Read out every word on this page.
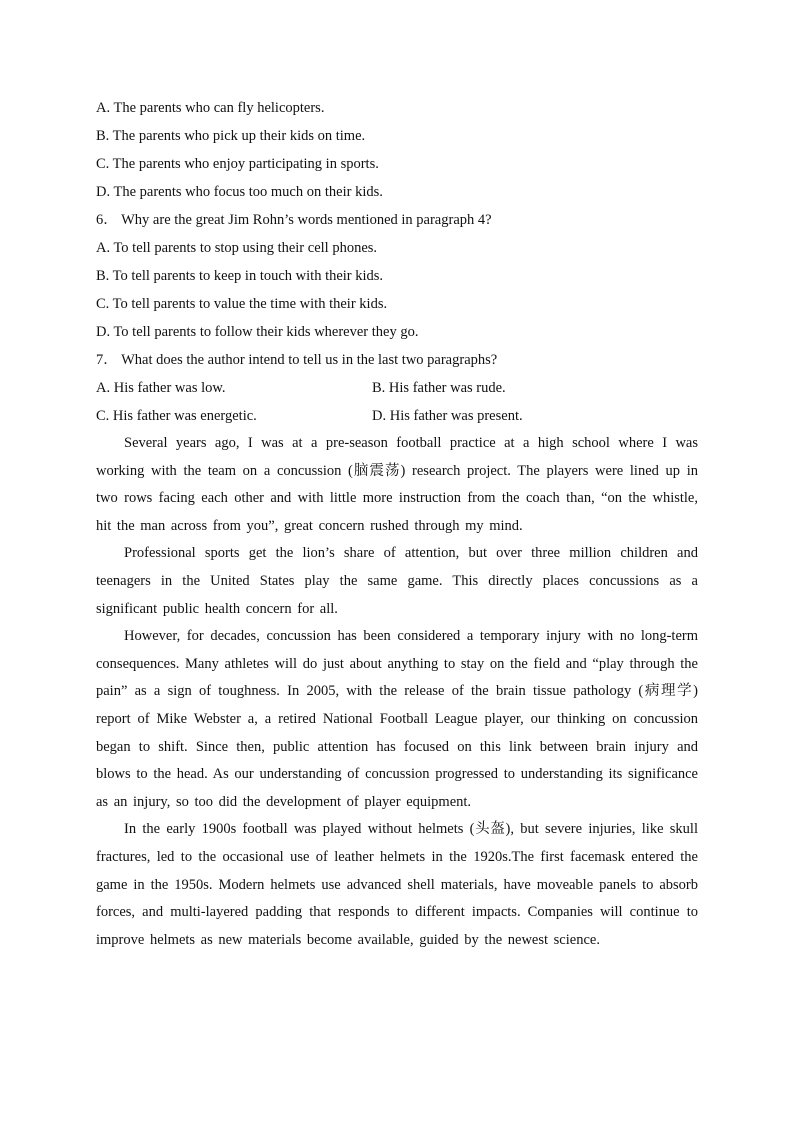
A. The parents who can fly helicopters.

B. The parents who pick up their kids on time.

C. The parents who enjoy participating in sports.

D. The parents who focus too much on their kids.

6． Why are the great Jim Rohn’s words mentioned in paragraph 4?

A. To tell parents to stop using their cell phones.

B. To tell parents to keep in touch with their kids.

C. To tell parents to value the time with their kids.

D. To tell parents to follow their kids wherever they go.

7． What does the author intend to tell us in the last two paragraphs?

A. His father was low.	B. His father was rude.
C. His father was energetic.	D. His father was present.

Several years ago, I was at a pre-season football practice at a high school where I was working with the team on a concussion (脑震荡) research project. The players were lined up in two rows facing each other and with little more instruction from the coach than, “on the whistle, hit the man across from you”, great concern rushed through my mind.

Professional sports get the lion’s share of attention, but over three million children and teenagers in the United States play the same game. This directly places concussions as a significant public health concern for all.

However, for decades, concussion has been considered a temporary injury with no long-term consequences. Many athletes will do just about anything to stay on the field and “play through the pain” as a sign of toughness. In 2005, with the release of the brain tissue pathology (病理学) report of Mike Webster a, a retired National Football League player, our thinking on concussion began to shift. Since then, public attention has focused on this link between brain injury and blows to the head. As our understanding of concussion progressed to understanding its significance as an injury, so too did the development of player equipment.

In the early 1900s football was played without helmets (头盔), but severe injuries, like skull fractures, led to the occasional use of leather helmets in the 1920s.The first facemask entered the game in the 1950s. Modern helmets use advanced shell materials, have moveable panels to absorb forces, and multi-layered padding that responds to different impacts. Companies will continue to improve helmets as new materials become available, guided by the newest science.
